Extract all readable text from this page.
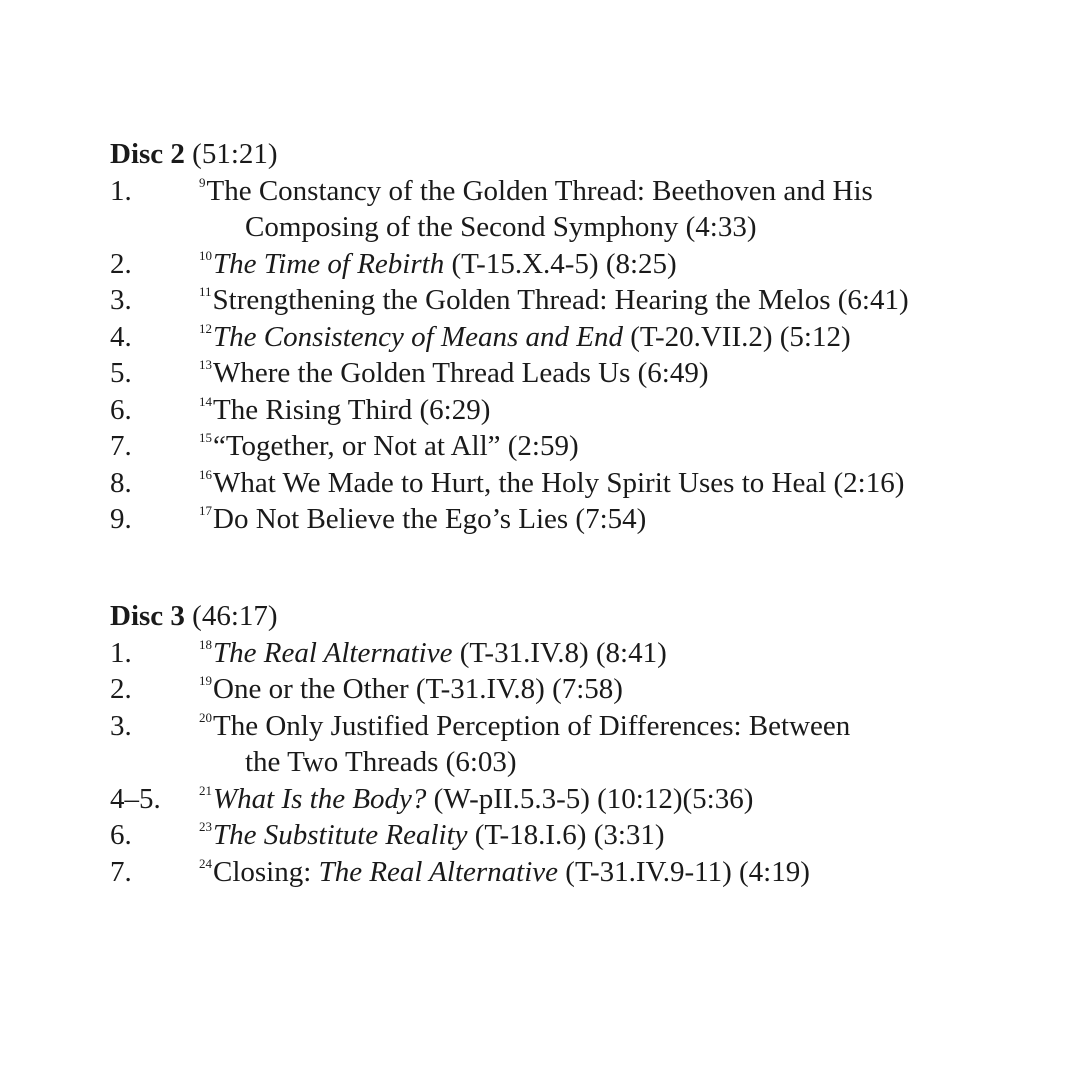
Disc 2 (51:21)
1.	$^9$The Constancy of the Golden Thread: Beethoven and His
Composing of the Second Symphony (4:33)
2.	$^{10}$The Time of Rebirth (T-15.X.4-5) (8:25)
3.	$^{11}$Strengthening the Golden Thread: Hearing the Melos (6:41)
4.	$^{12}$The Consistency of Means and End (T-20.VII.2) (5:12)
5.	$^{13}$Where the Golden Thread Leads Us (6:49)
6.	$^{14}$The Rising Third (6:29)
7.	$^{15}$“Together, or Not at All” (2:59)
8.	$^{16}$What We Made to Hurt, the Holy Spirit Uses to Heal (2:16)
9.	$^{17}$Do Not Believe the Ego’s Lies (7:54)
Disc 3 (46:17)
1.	$^{18}$The Real Alternative (T-31.IV.8) (8:41)
2.	$^{19}$One or the Other (T-31.IV.8) (7:58)
3.	$^{20}$The Only Justified Perception of Differences: Between
the Two Threads (6:03)
4–5.	$^{21}$What Is the Body? (W-pII.5.3-5) (10:12)(5:36)
6.	$^{23}$The Substitute Reality (T-18.I.6) (3:31)
7.	$^{24}$Closing: The Real Alternative (T-31.IV.9-11) (4:19)
